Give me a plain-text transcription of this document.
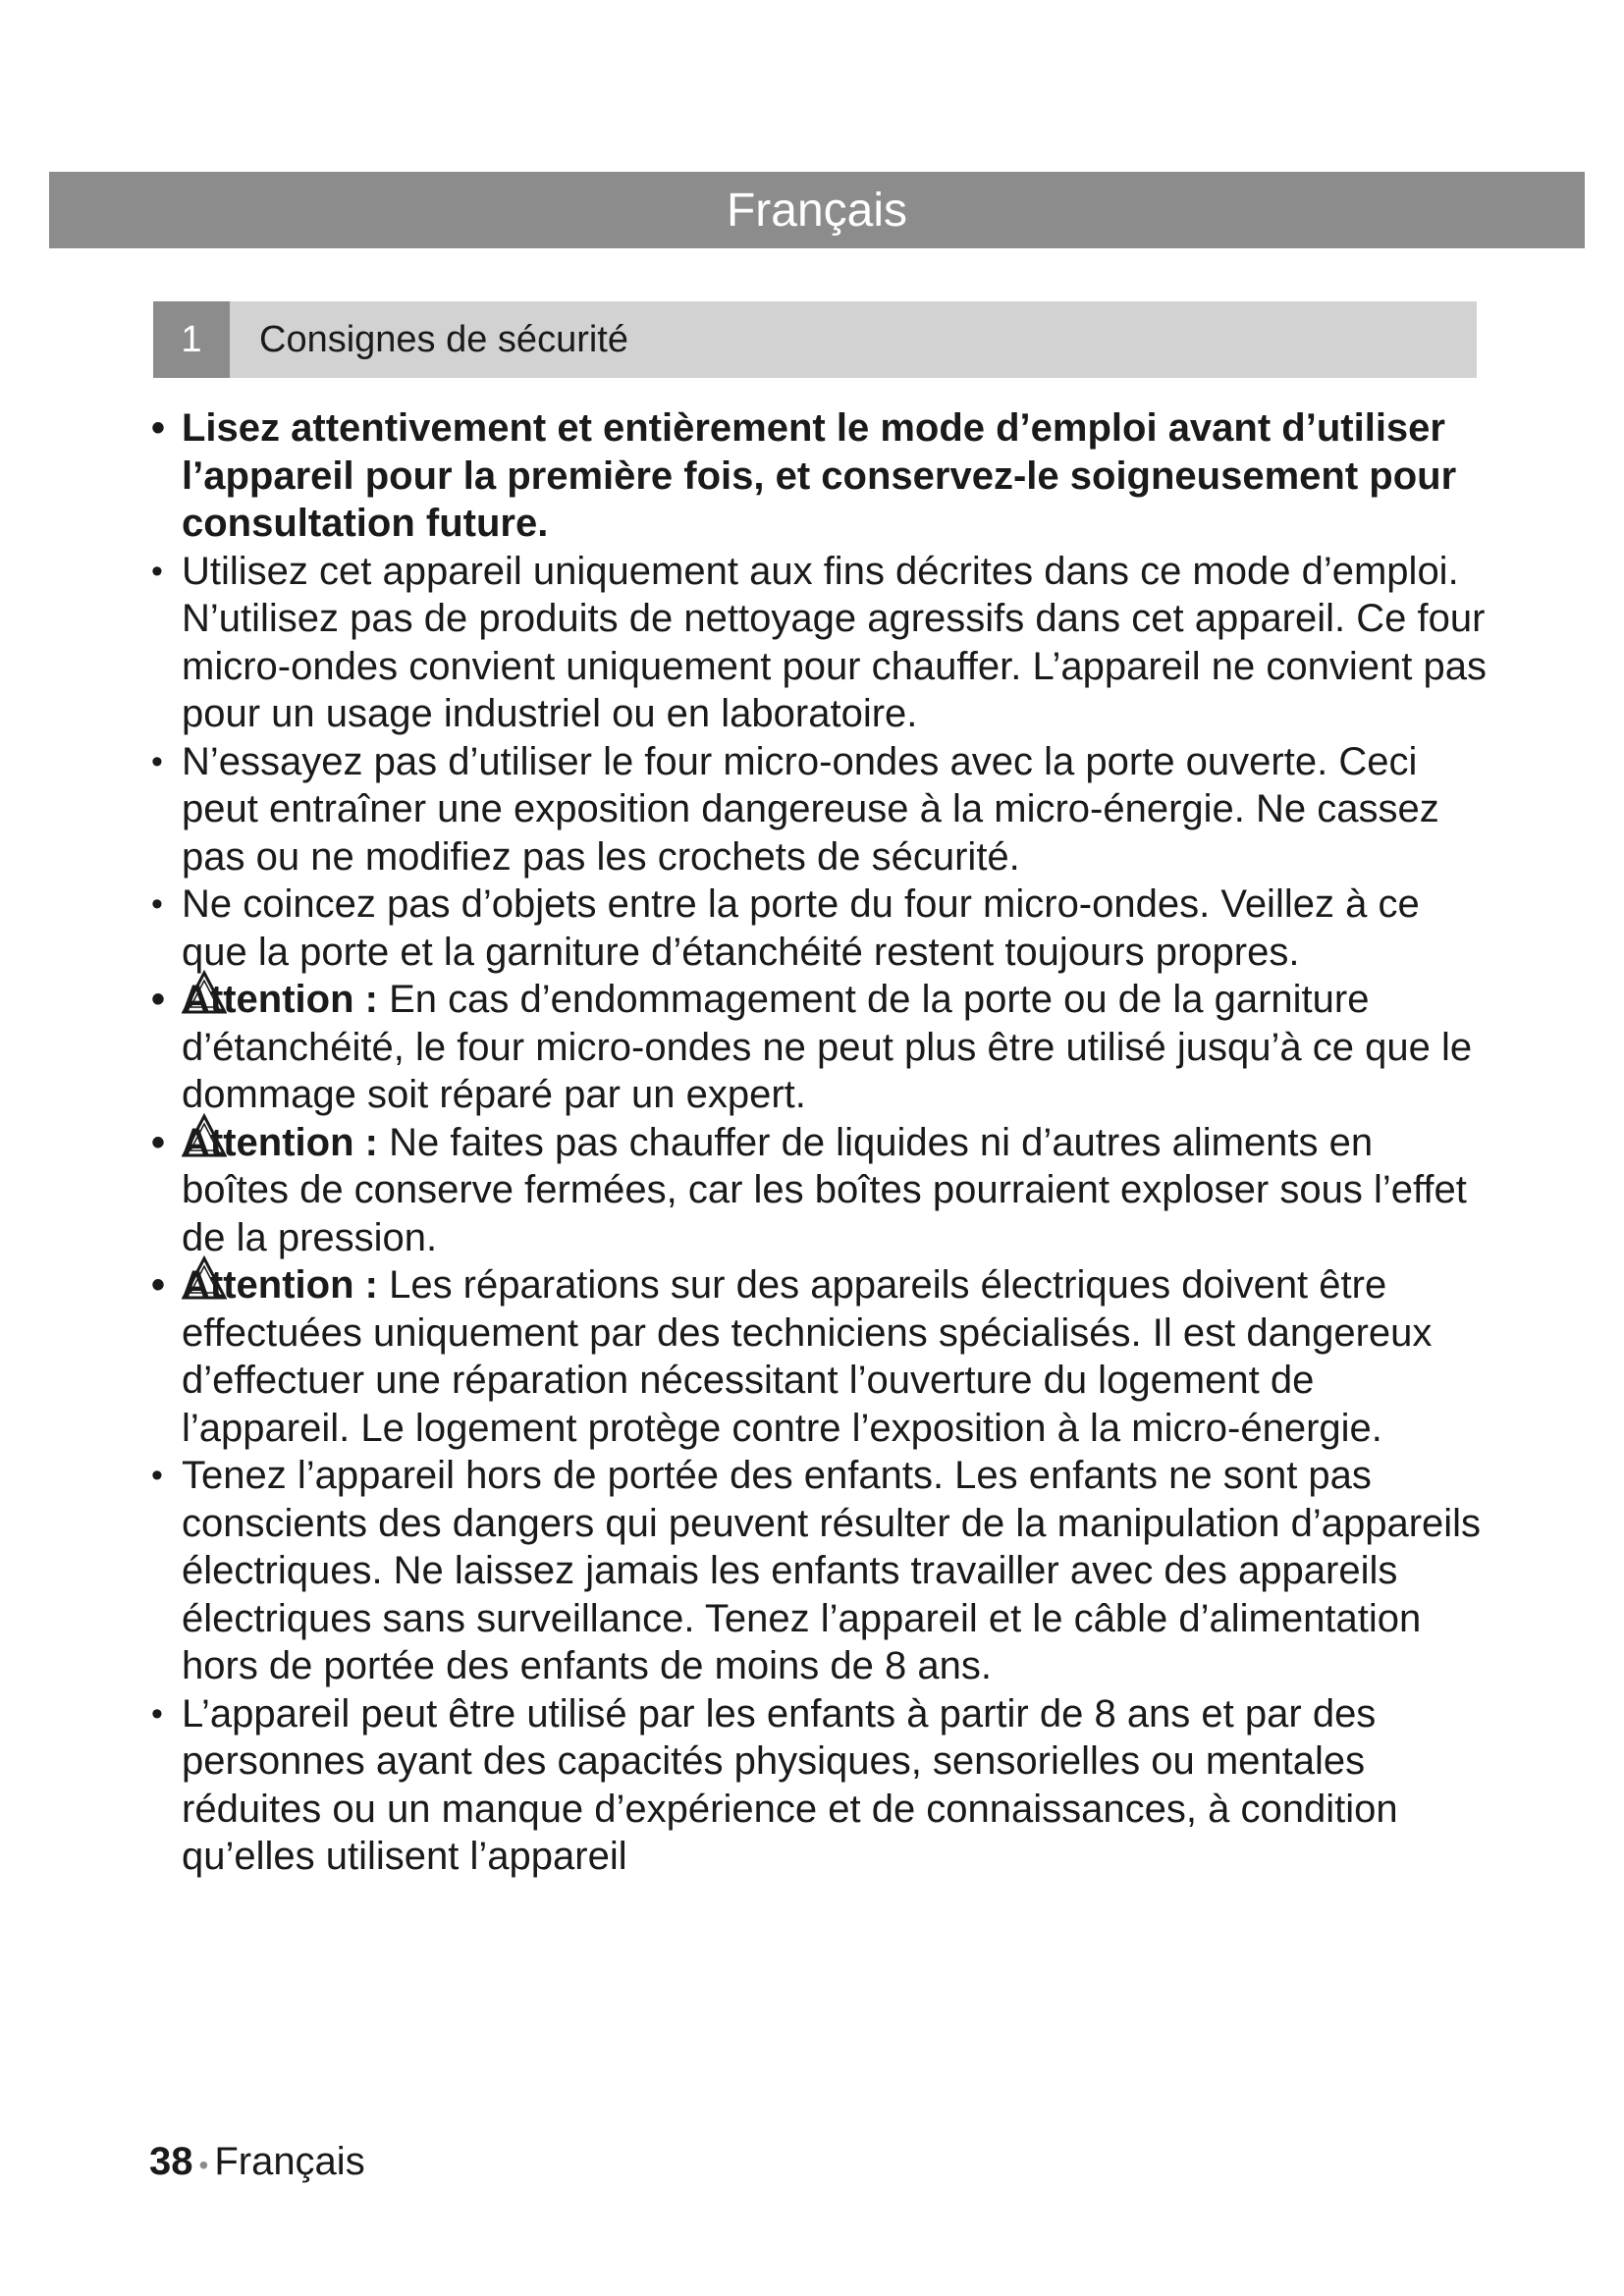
Français
1	Consignes de sécurité
• Lisez attentivement et entièrement le mode d’emploi avant d’utiliser l’appareil pour la première fois, et conservez-le soigneusement pour consultation future.
• Utilisez cet appareil uniquement aux fins décrites dans ce mode d’emploi. N’utilisez pas de produits de nettoyage agressifs dans cet appareil. Ce four micro-ondes convient uniquement pour chauffer. L’appareil ne convient pas pour un usage industriel ou en laboratoire.
• N’essayez pas d’utiliser le four micro-ondes avec la porte ouverte. Ceci peut entraîner une exposition dangereuse à la micro-énergie. Ne cassez pas ou ne modifiez pas les crochets de sécurité.
• Ne coincez pas d’objets entre la porte du four micro-ondes. Veillez à ce que la porte et la garniture d’étanchéité restent toujours propres.
• Attention : En cas d’endommagement de la porte ou de la garniture d’étanchéité, le four micro-ondes ne peut plus être utilisé jusqu’à ce que le dommage soit réparé par un expert.
• Attention : Ne faites pas chauffer de liquides ni d’autres aliments en boîtes de conserve fermées, car les boîtes pourraient exploser sous l’effet de la pression.
• Attention : Les réparations sur des appareils électriques doivent être effectuées uniquement par des techniciens spécialisés. Il est dangereux d’effectuer une réparation nécessitant l’ouverture du logement de l’appareil. Le logement protège contre l’exposition à la micro-énergie.
• Tenez l’appareil hors de portée des enfants. Les enfants ne sont pas conscients des dangers qui peuvent résulter de la manipulation d’appareils électriques. Ne laissez jamais les enfants travailler avec des appareils électriques sans surveillance. Tenez l’appareil et le câble d’alimentation hors de portée des enfants de moins de 8 ans.
• L’appareil peut être utilisé par les enfants à partir de 8 ans et par des personnes ayant des capacités physiques, sensorielles ou mentales réduites ou un manque d’expérience et de connaissances, à condition qu’elles utilisent l’appareil
38 • Français
